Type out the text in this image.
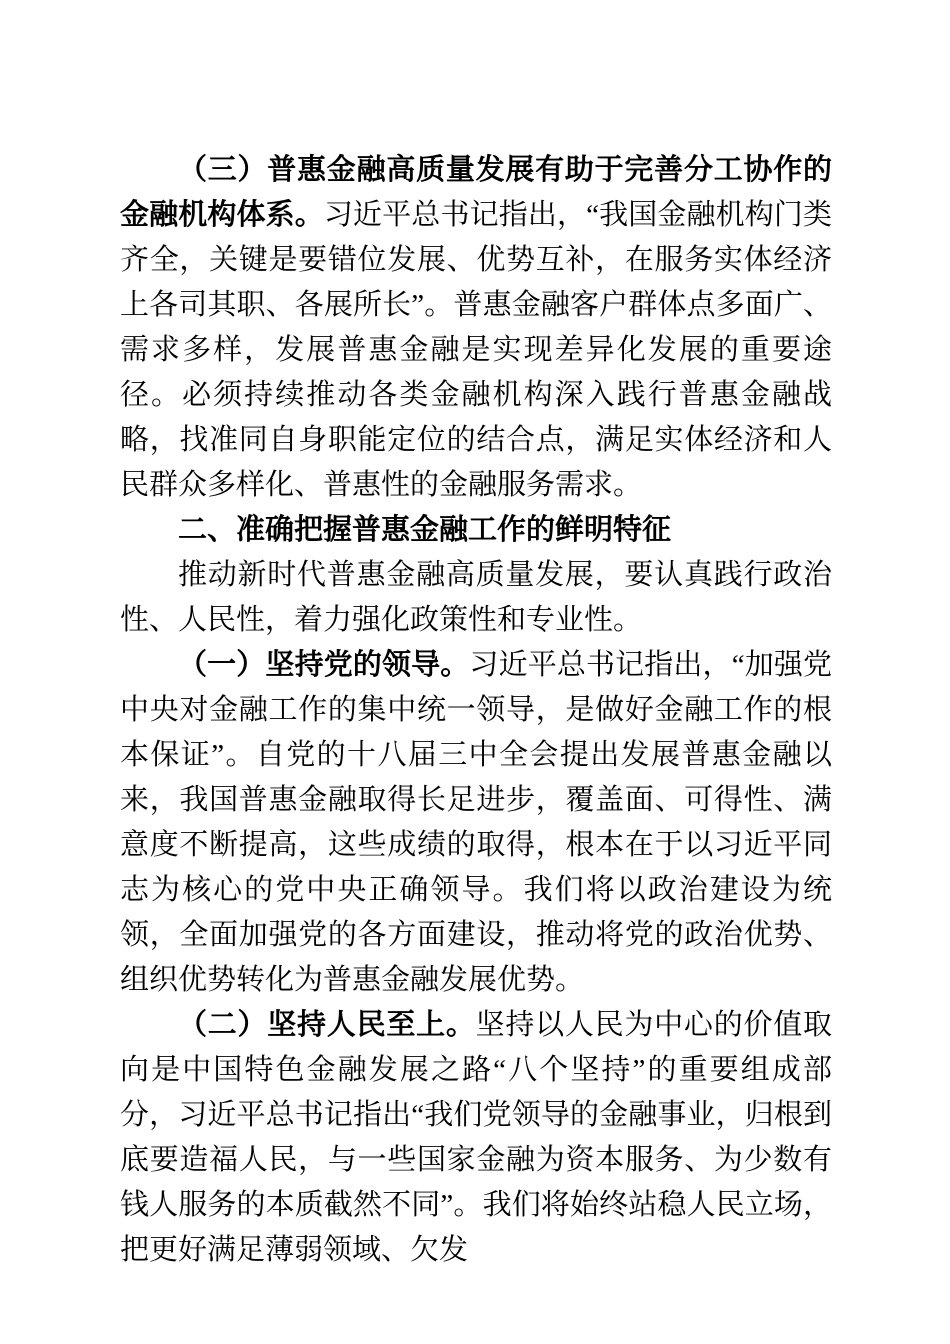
（三）普惠金融高质量发展有助于完善分工协作的金融机构体系。习近平总书记指出，“我国金融机构门类齐全，关键是要错位发展、优势互补，在服务实体经济上各司其职、各展所长”。普惠金融客户群体点多面广、需求多样，发展普惠金融是实现差异化发展的重要途径。必须持续推动各类金融机构深入践行普惠金融战略，找准同自身职能定位的结合点，满足实体经济和人民群众多样化、普惠性的金融服务需求。

二、准确把握普惠金融工作的鲜明特征

推动新时代普惠金融高质量发展，要认真践行政治性、人民性，着力强化政策性和专业性。

（一）坚持党的领导。习近平总书记指出，“加强党中央对金融工作的集中统一领导，是做好金融工作的根本保证”。自党的十八届三中全会提出发展普惠金融以来，我国普惠金融取得长足进步，覆盖面、可得性、满意度不断提高，这些成绩的取得，根本在于以习近平同志为核心的党中央正确领导。我们将以政治建设为统领，全面加强党的各方面建设，推动将党的政治优势、组织优势转化为普惠金融发展优势。

（二）坚持人民至上。坚持以人民为中心的价值取向是中国特色金融发展之路“八个坚持”的重要组成部分，习近平总书记指出“我们党领导的金融事业，归根到底要造福人民，与一些国家金融为资本服务、为少数有钱人服务的本质截然不同”。我们将始终站稳人民立场，把更好满足薄弱领域、欠发
